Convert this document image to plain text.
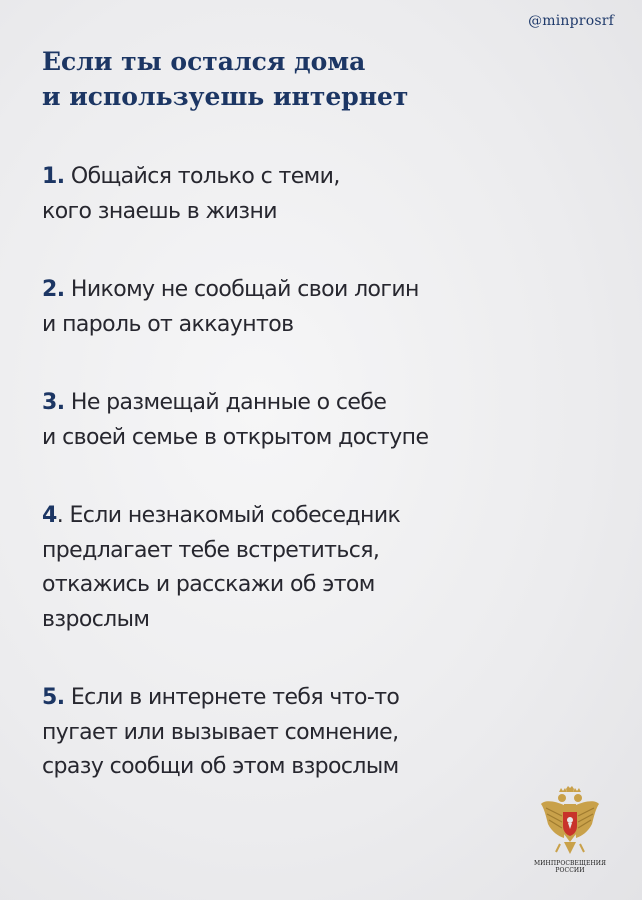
@minprosrf
Если ты остался дома
и используешь интернет
1. Общайся только с теми,
кого знаешь в жизни
2. Никому не сообщай свои логин
и пароль от аккаунтов
3. Не размещай данные о себе
и своей семье в открытом доступе
4. Если незнакомый собеседник
предлагает тебе встретиться,
откажись и расскажи об этом
взрослым
5. Если в интернете тебя что-то
пугает или вызывает сомнение,
сразу сообщи об этом взрослым
МИНПРОСВЕЩЕНИЯ
РОССИИ
